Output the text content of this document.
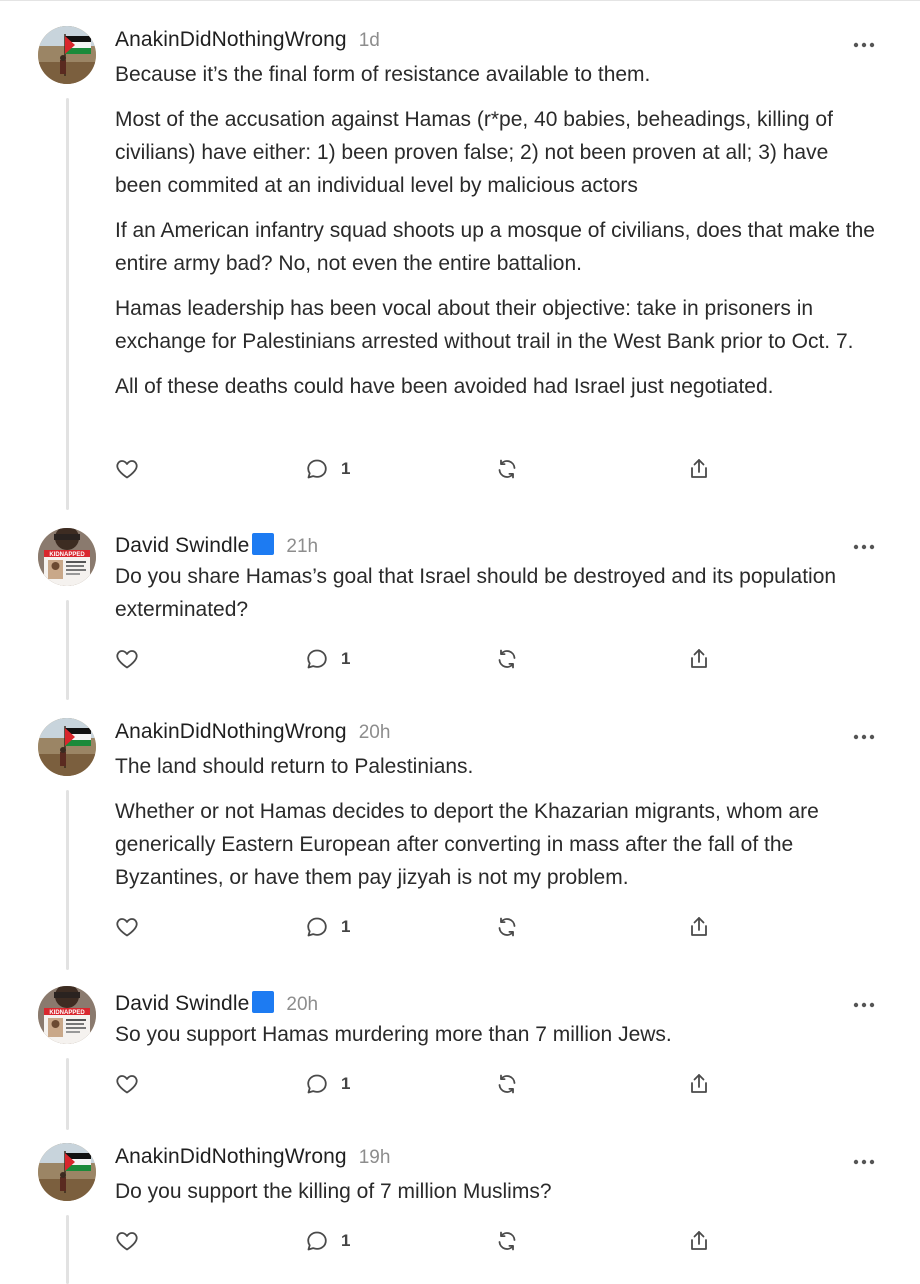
AnakinDidNothingWrong 1d

Because it’s the final form of resistance available to them.

Most of the accusation against Hamas (r*pe, 40 babies, beheadings, killing of civilians) have either: 1) been proven false; 2) not been proven at all; 3) have been commited at an individual level by malicious actors

If an American infantry squad shoots up a mosque of civilians, does that make the entire army bad? No, not even the entire battalion.

Hamas leadership has been vocal about their objective: take in prisoners in exchange for Palestinians arrested without trail in the West Bank prior to Oct. 7.

All of these deaths could have been avoided had Israel just negotiated.

1
KIDNAPPED David Swindle 21h

Do you share Hamas’s goal that Israel should be destroyed and its population exterminated?

1
AnakinDidNothingWrong 20h

The land should return to Palestinians.

Whether or not Hamas decides to deport the Khazarian migrants, whom are generically Eastern European after converting in mass after the fall of the Byzantines, or have them pay jizyah is not my problem.

1
KIDNAPPED David Swindle 20h

So you support Hamas murdering more than 7 million Jews.

1
AnakinDidNothingWrong 19h

Do you support the killing of 7 million Muslims?

1
